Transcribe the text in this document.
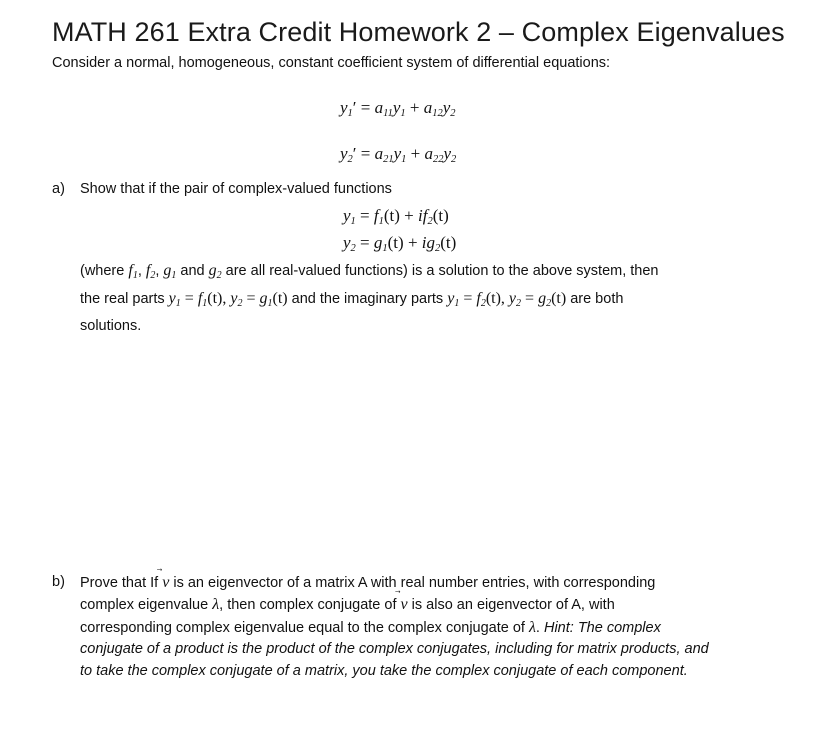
MATH 261 Extra Credit Homework 2 – Complex Eigenvalues
Consider a normal, homogeneous, constant coefficient system of differential equations:
$y_1' = a_{11}y_1 + a_{12}y_2$
$y_2' = a_{21}y_1 + a_{22}y_2$
a) Show that if the pair of complex-valued functions
$y_1 = f_1(t) + if_2(t)$
$y_2 = g_1(t) + ig_2(t)$
(where $f_1$, $f_2$, $g_1$ and $g_2$ are all real-valued functions) is a solution to the above system, then
the real parts $y_1 = f_1(t)$, $y_2 = g_1(t)$ and the imaginary parts $y_1 = f_2(t)$, $y_2 = g_2(t)$ are both
solutions.
b) Prove that If
v is an eigenvector of a matrix A with real number entries, with corresponding
complex eigenvalue λ, then complex conjugate of
v is also an eigenvector of A, with
corresponding complex eigenvalue equal to the complex conjugate of λ. Hint: The complex
conjugate of a product is the product of the complex conjugates, including for matrix products, and
to take the complex conjugate of a matrix, you take the complex conjugate of each component.
